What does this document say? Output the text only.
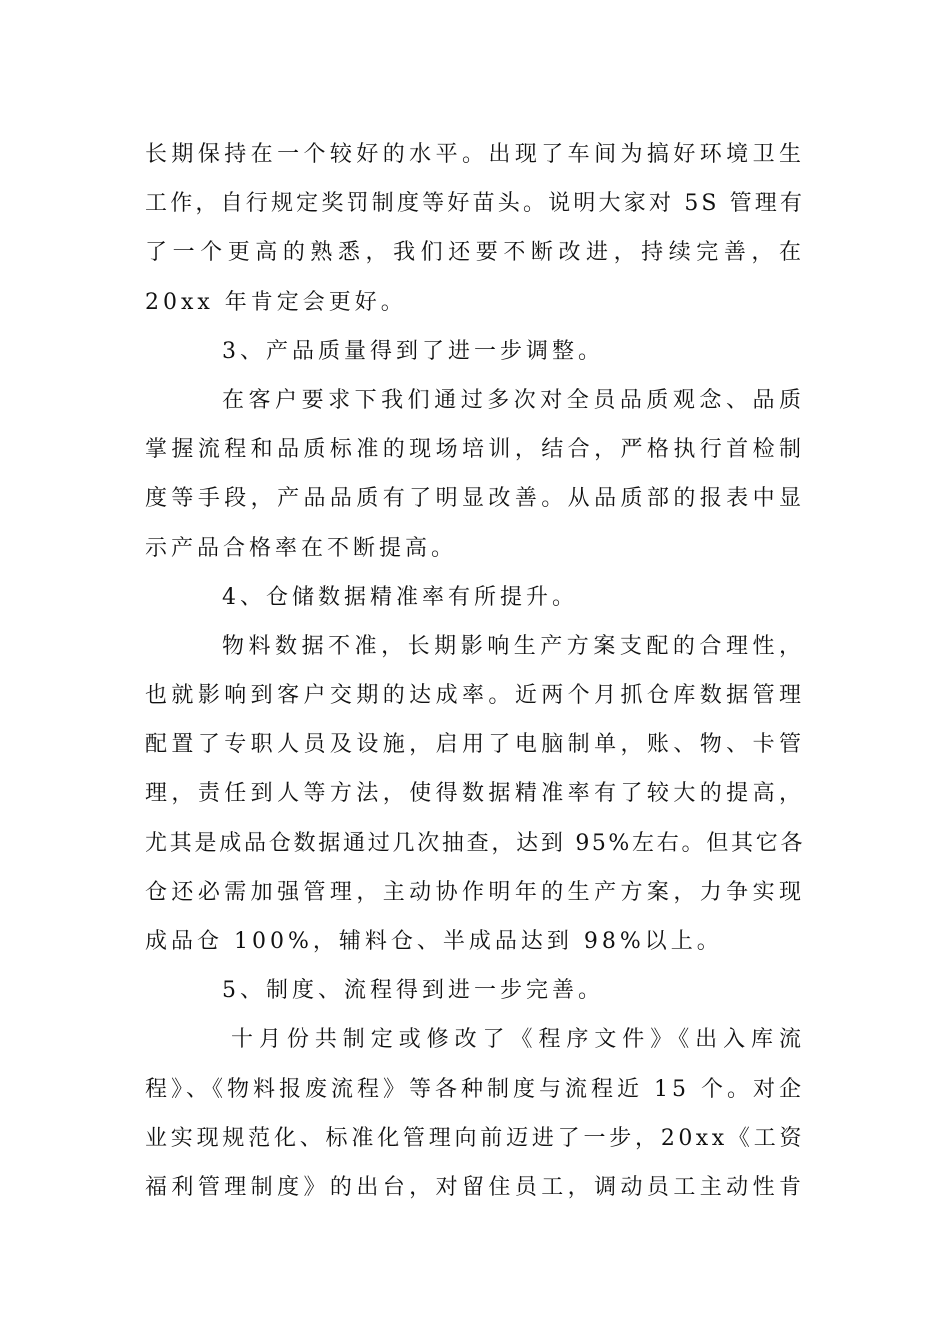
长期保持在一个较好的水平。出现了车间为搞好环境卫生
工作，自行规定奖罚制度等好苗头。说明大家对 5S 管理有
了一个更高的熟悉，我们还要不断改进，持续完善，在
20xx 年肯定会更好。
3、产品质量得到了进一步调整。
在客户要求下我们通过多次对全员品质观念、品质
掌握流程和品质标准的现场培训，结合，严格执行首检制
度等手段，产品品质有了明显改善。从品质部的报表中显
示产品合格率在不断提高。
4、仓储数据精准率有所提升。
物料数据不准，长期影响生产方案支配的合理性，
也就影响到客户交期的达成率。近两个月抓仓库数据管理
配置了专职人员及设施，启用了电脑制单，账、物、卡管
理，责任到人等方法，使得数据精准率有了较大的提高，
尤其是成品仓数据通过几次抽查，达到 95%左右。但其它各
仓还必需加强管理，主动协作明年的生产方案，力争实现
成品仓 100%，辅料仓、半成品达到 98%以上。
5、制度、流程得到进一步完善。
十月份共制定或修改了《程序文件》《出入库流
程》、《物料报废流程》等各种制度与流程近 15 个。对企
业实现规范化、标准化管理向前迈进了一步，20xx《工资
福利管理制度》的出台，对留住员工，调动员工主动性肯
